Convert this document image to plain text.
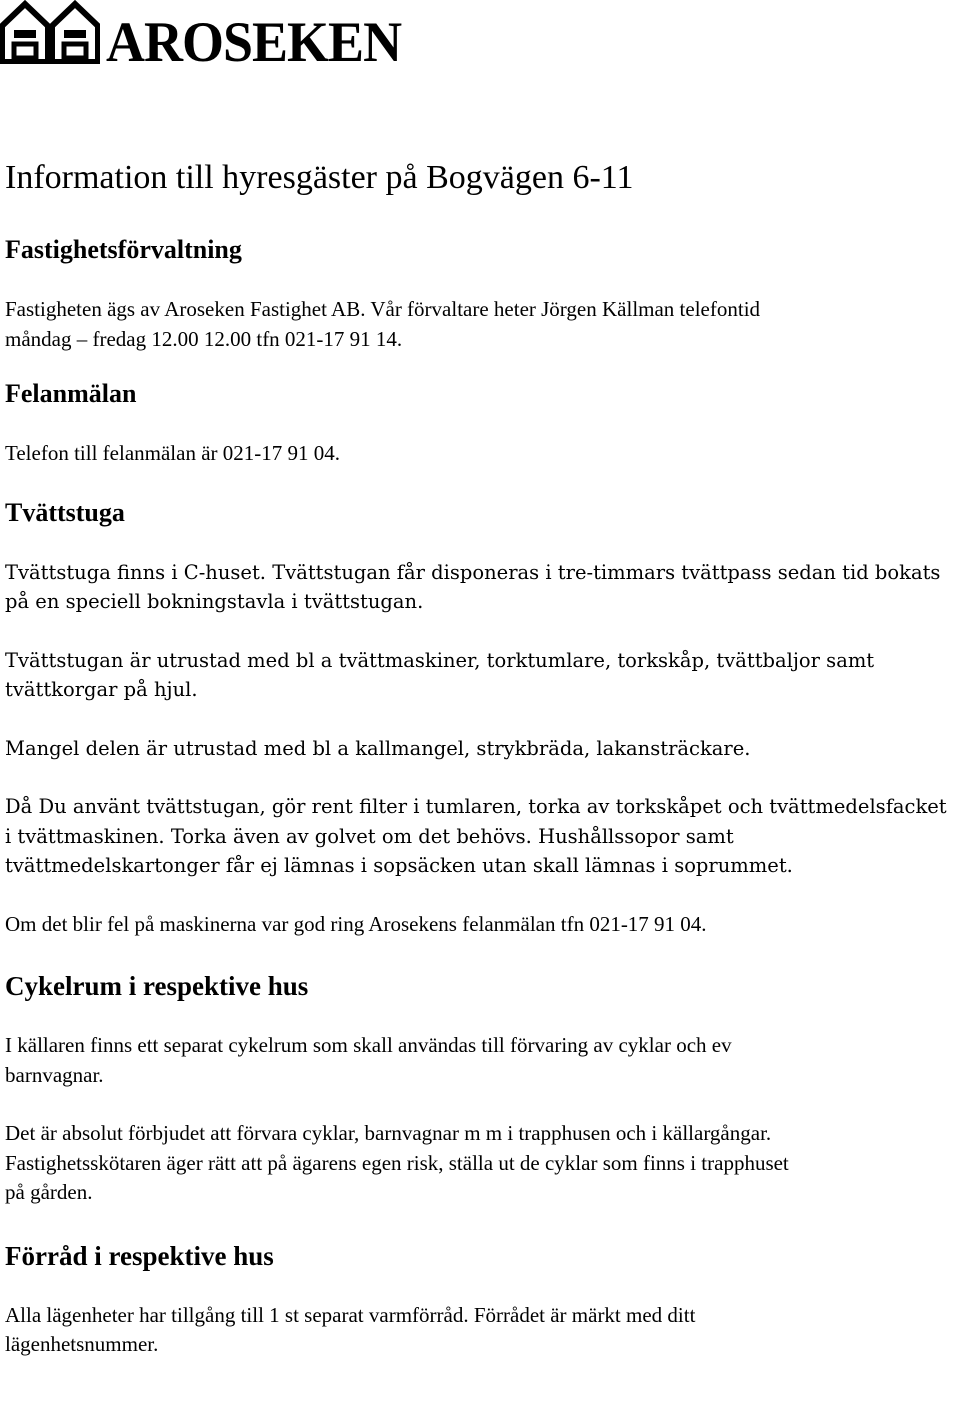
AROSEKEN
Information till hyresgäster på Bogvägen 6-11
Fastighetsförvaltning

Fastigheten ägs av Aroseken Fastighet AB. Vår förvaltare heter Jörgen Källman telefontid

måndag – fredag 12.00 12.00 tfn 021-17 91 14.

Felanmälan

Telefon till felanmälan är 021-17 91 04.

Tvättstuga

Tvättstuga finns i C-huset. Tvättstugan får disponeras i tre-timmars tvättpass sedan tid bokats

på en speciell bokningstavla i tvättstugan.

Tvättstugan är utrustad med bl a tvättmaskiner, torktumlare, torkskåp, tvättbaljor samt

tvättkorgar på hjul.

Mangel delen är utrustad med bl a kallmangel, strykbräda, lakansträckare.

Då Du använt tvättstugan, gör rent filter i tumlaren, torka av torkskåpet och tvättmedelsfacket

i tvättmaskinen. Torka även av golvet om det behövs. Hushållssopor samt

tvättmedelskartonger får ej lämnas i sopsäcken utan skall lämnas i soprummet.

Om det blir fel på maskinerna var god ring Arosekens felanmälan tfn 021-17 91 04.

Cykelrum i respektive hus

I källaren finns ett separat cykelrum som skall användas till förvaring av cyklar och ev

barnvagnar.

Det är absolut förbjudet att förvara cyklar, barnvagnar m m i trapphusen och i källargångar.

Fastighetsskötaren äger rätt att på ägarens egen risk, ställa ut de cyklar som finns i trapphuset

på gården.

Förråd i respektive hus

Alla lägenheter har tillgång till 1 st separat varmförråd. Förrådet är märkt med ditt

lägenhetsnummer.
